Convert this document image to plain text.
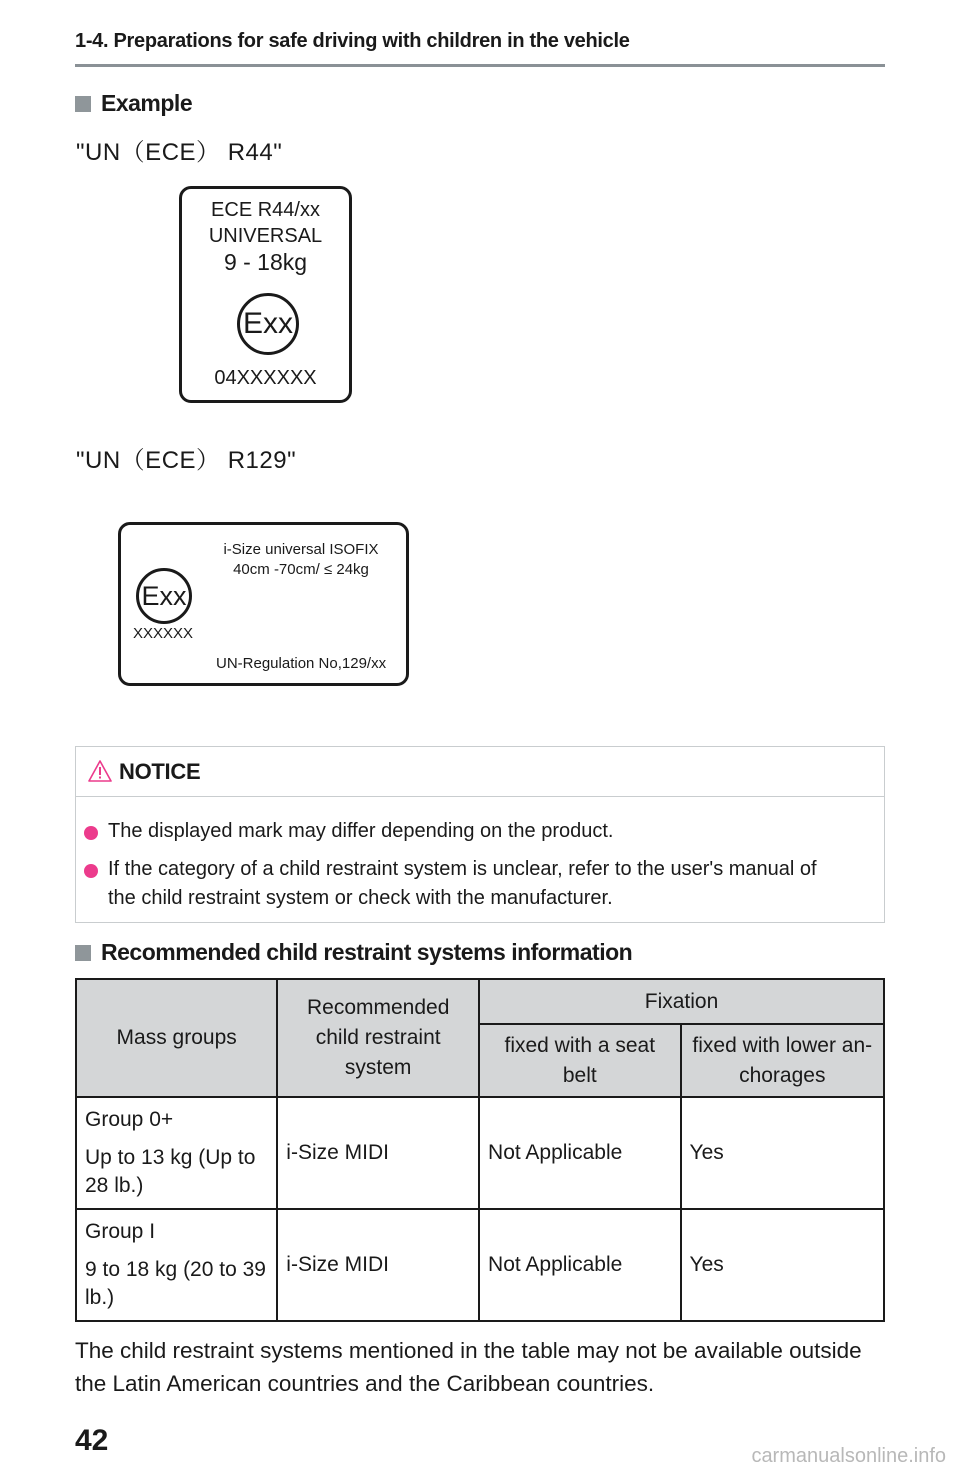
1-4. Preparations for safe driving with children in the vehicle
Example
"UN（ECE） R44"
ECE R44/xx
UNIVERSAL
9 - 18kg
Exx
04XXXXXX
"UN（ECE） R129"
Exx
XXXXXX
i-Size universal ISOFIX
40cm -70cm/ ≤ 24kg
UN-Regulation No,129/xx
NOTICE
The displayed mark may differ depending on the product.
If the category of a child restraint system is unclear, refer to the user's manual of the child restraint system or check with the manufacturer.
Recommended child restraint systems information
Mass groups	Recommended child restraint system	Fixation	
		fixed with a seat belt	fixed with lower an-chorages

Group 0+

Up to 13 kg (Up to 28 lb.)	i-Size MIDI	Not Applicable	Yes

Group I

9 to 18 kg (20 to 39 lb.)	i-Size MIDI	Not Applicable	Yes
The child restraint systems mentioned in the table may not be available outside the Latin American countries and the Caribbean countries.
42	carmanualsonline.info
